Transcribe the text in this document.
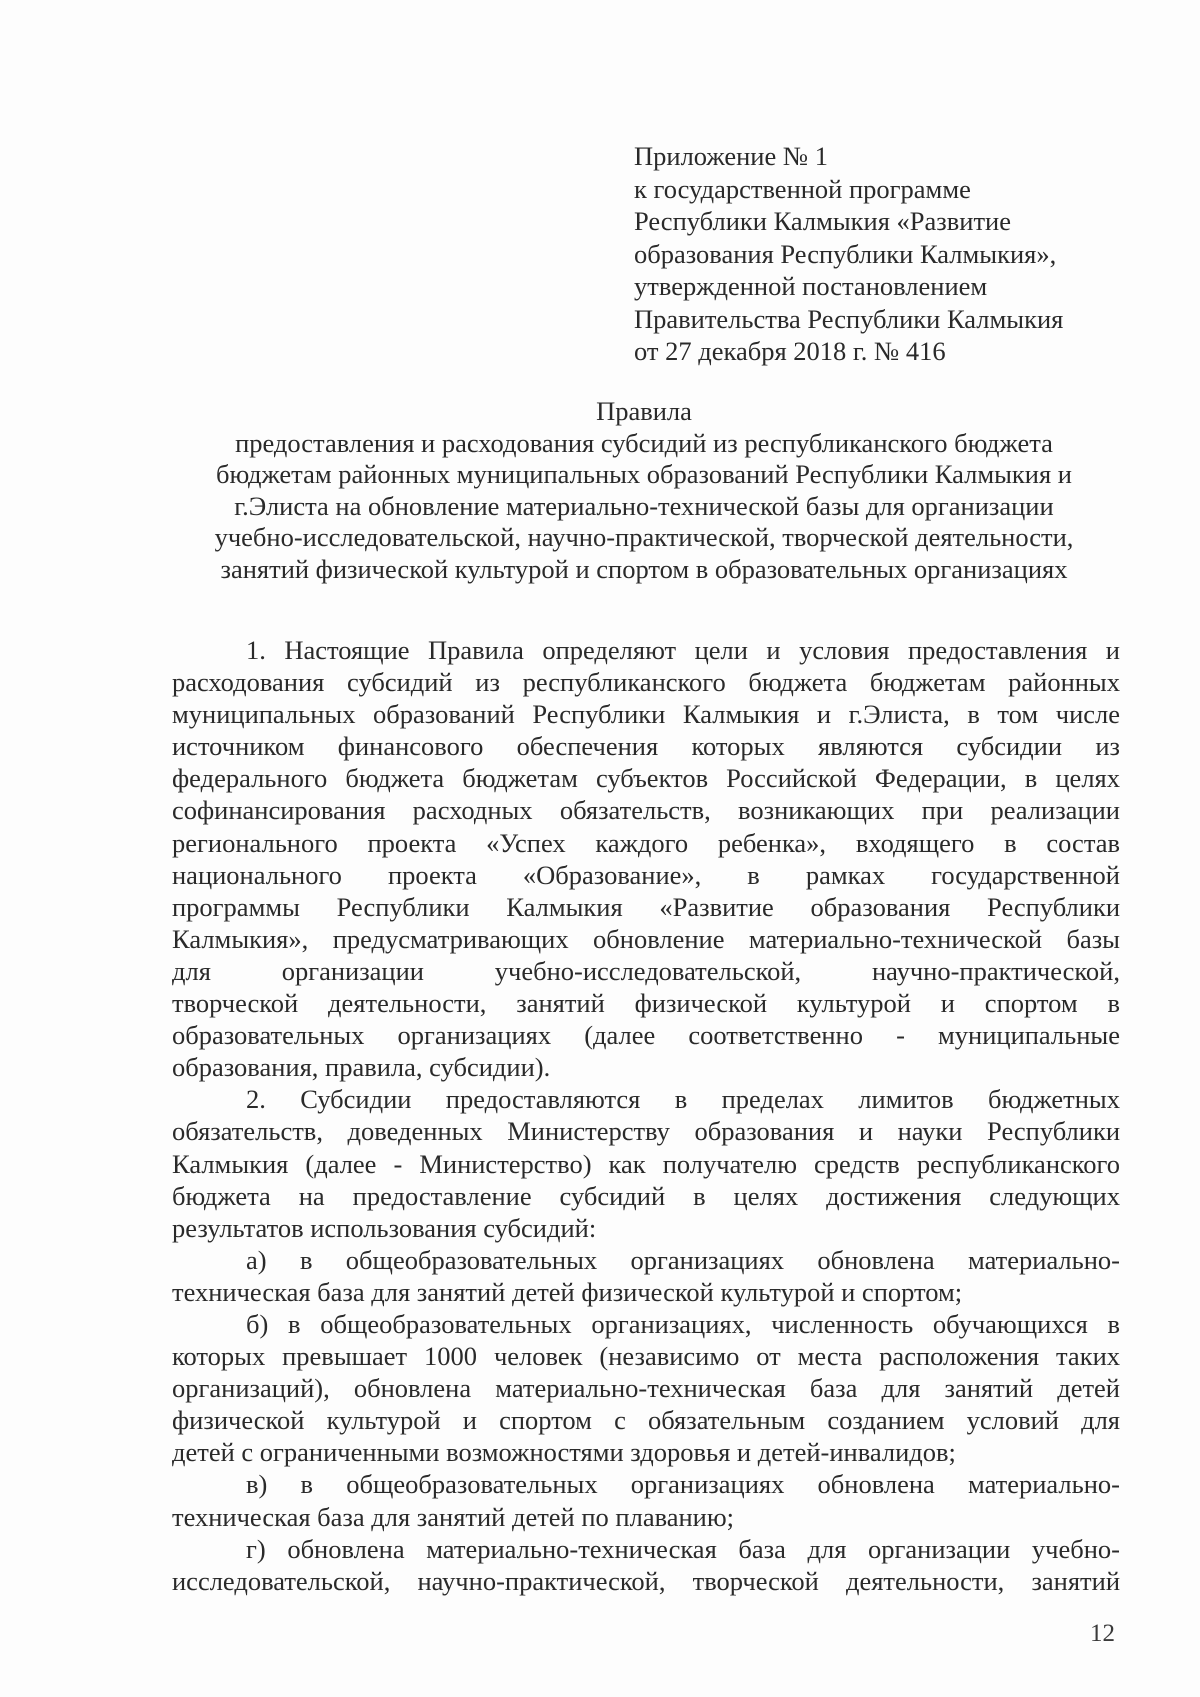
Приложение № 1
к государственной программе
Республики Калмыкия «Развитие
образования Республики Калмыкия»,
утвержденной постановлением
Правительства Республики Калмыкия
от 27 декабря 2018 г. № 416
Правила
предоставления и расходования субсидий из республиканского бюджета
бюджетам районных муниципальных образований Республики Калмыкия и
г.Элиста на обновление материально-технической базы для организации
учебно-исследовательской, научно-практической, творческой деятельности,
занятий физической культурой и спортом в образовательных организациях
1. Настоящие Правила определяют цели и условия предоставления и
расходования субсидий из республиканского бюджета бюджетам районных
муниципальных образований Республики Калмыкия и г.Элиста, в том числе
источником финансового обеспечения которых являются субсидии из
федерального бюджета бюджетам субъектов Российской Федерации, в целях
софинансирования расходных обязательств, возникающих при реализации
регионального проекта «Успех каждого ребенка», входящего в состав
национального проекта «Образование», в рамках государственной
программы Республики Калмыкия «Развитие образования Республики
Калмыкия», предусматривающих обновление материально-технической базы
для организации учебно-исследовательской, научно-практической,
творческой деятельности, занятий физической культурой и спортом в
образовательных организациях (далее соответственно - муниципальные
образования, правила, субсидии).
2. Субсидии предоставляются в пределах лимитов бюджетных
обязательств, доведенных Министерству образования и науки Республики
Калмыкия (далее - Министерство) как получателю средств республиканского
бюджета на предоставление субсидий в целях достижения следующих
результатов использования субсидий:
а) в общеобразовательных организациях обновлена материально-
техническая база для занятий детей физической культурой и спортом;
б) в общеобразовательных организациях, численность обучающихся в
которых превышает 1000 человек (независимо от места расположения таких
организаций), обновлена материально-техническая база для занятий детей
физической культурой и спортом с обязательным созданием условий для
детей с ограниченными возможностями здоровья и детей-инвалидов;
в) в общеобразовательных организациях обновлена материально-
техническая база для занятий детей по плаванию;
г) обновлена материально-техническая база для организации учебно-
исследовательской, научно-практической, творческой деятельности, занятий
12
